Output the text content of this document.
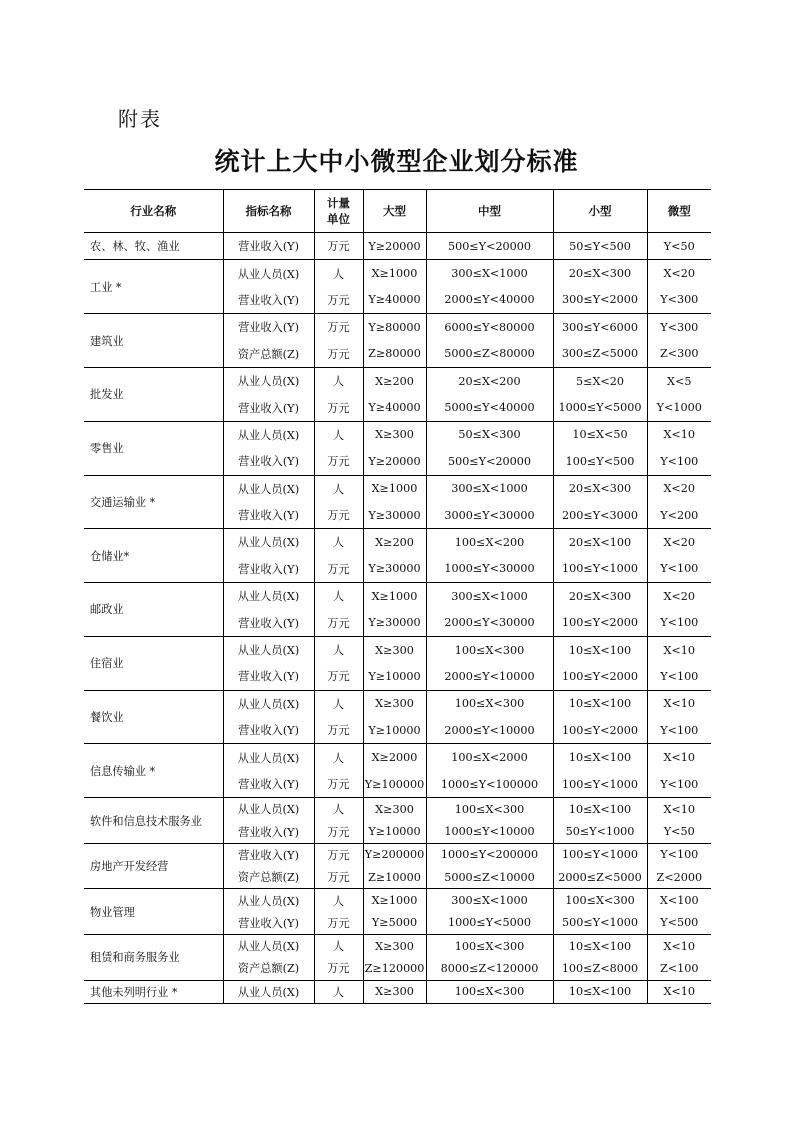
附表
统计上大中小微型企业划分标准
行业名称	指标名称	计量单位	大型	中型	小型	微型
农、林、牧、渔业	营业收入(Y)	万元	Y≥20000	500≤Y<20000	50≤Y<500	Y<50
工业 *	从业人员(X)	人	X≥1000	300≤X<1000	20≤X<300	X<20
	营业收入(Y)	万元	Y≥40000	2000≤Y<40000	300≤Y<2000	Y<300
建筑业	营业收入(Y)	万元	Y≥80000	6000≤Y<80000	300≤Y<6000	Y<300
	资产总额(Z)	万元	Z≥80000	5000≤Z<80000	300≤Z<5000	Z<300
批发业	从业人员(X)	人	X≥200	20≤X<200	5≤X<20	X<5
	营业收入(Y)	万元	Y≥40000	5000≤Y<40000	1000≤Y<5000	Y<1000
零售业	从业人员(X)	人	X≥300	50≤X<300	10≤X<50	X<10
	营业收入(Y)	万元	Y≥20000	500≤Y<20000	100≤Y<500	Y<100
交通运输业 *	从业人员(X)	人	X≥1000	300≤X<1000	20≤X<300	X<20
	营业收入(Y)	万元	Y≥30000	3000≤Y<30000	200≤Y<3000	Y<200
仓储业*	从业人员(X)	人	X≥200	100≤X<200	20≤X<100	X<20
	营业收入(Y)	万元	Y≥30000	1000≤Y<30000	100≤Y<1000	Y<100
邮政业	从业人员(X)	人	X≥1000	300≤X<1000	20≤X<300	X<20
	营业收入(Y)	万元	Y≥30000	2000≤Y<30000	100≤Y<2000	Y<100
住宿业	从业人员(X)	人	X≥300	100≤X<300	10≤X<100	X<10
	营业收入(Y)	万元	Y≥10000	2000≤Y<10000	100≤Y<2000	Y<100
餐饮业	从业人员(X)	人	X≥300	100≤X<300	10≤X<100	X<10
	营业收入(Y)	万元	Y≥10000	2000≤Y<10000	100≤Y<2000	Y<100
信息传输业 *	从业人员(X)	人	X≥2000	100≤X<2000	10≤X<100	X<10
	营业收入(Y)	万元	Y≥100000	1000≤Y<100000	100≤Y<1000	Y<100
软件和信息技术服务业	从业人员(X)	人	X≥300	100≤X<300	10≤X<100	X<10
	营业收入(Y)	万元	Y≥10000	1000≤Y<10000	50≤Y<1000	Y<50
房地产开发经营	营业收入(Y)	万元	Y≥200000	1000≤Y<200000	100≤Y<1000	Y<100
	资产总额(Z)	万元	Z≥10000	5000≤Z<10000	2000≤Z<5000	Z<2000
物业管理	从业人员(X)	人	X≥1000	300≤X<1000	100≤X<300	X<100
	营业收入(Y)	万元	Y≥5000	1000≤Y<5000	500≤Y<1000	Y<500
租赁和商务服务业	从业人员(X)	人	X≥300	100≤X<300	10≤X<100	X<10
	资产总额(Z)	万元	Z≥120000	8000≤Z<120000	100≤Z<8000	Z<100
其他未列明行业 *	从业人员(X)	人	X≥300	100≤X<300	10≤X<100	X<10
